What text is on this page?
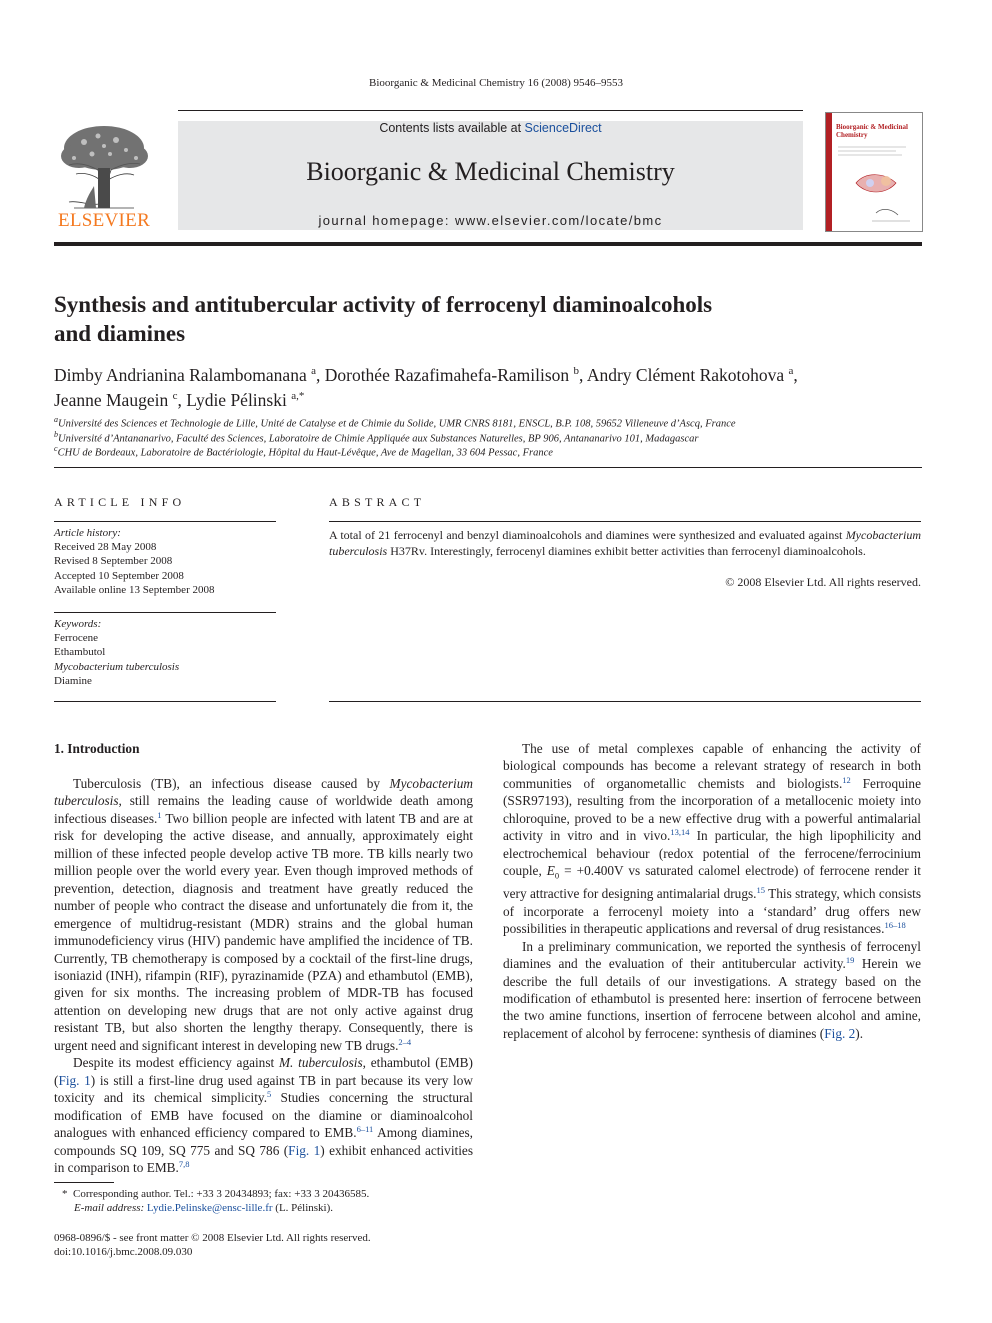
Bioorganic & Medicinal Chemistry 16 (2008) 9546–9553
ELSEVIER
Contents lists available at ScienceDirect
Bioorganic & Medicinal Chemistry
journal homepage: www.elsevier.com/locate/bmc
Bioorganic & Medicinal Chemistry
Synthesis and antitubercular activity of ferrocenyl diaminoalcohols
and diamines
Dimby Andrianina Ralambomanana $^a$, Dorothée Razafimahefa-Ramilison $^b$, Andry Clément Rakotohova $^a$,
Jeanne Maugein $^c$, Lydie Pélinski $^{a,*}$
$^a$Université des Sciences et Technologie de Lille, Unité de Catalyse et de Chimie du Solide, UMR CNRS 8181, ENSCL, B.P. 108, 59652 Villeneuve d’Ascq, France
$^b$Université d’Antananarivo, Faculté des Sciences, Laboratoire de Chimie Appliquée aux Substances Naturelles, BP 906, Antananarivo 101, Madagascar
$^c$CHU de Bordeaux, Laboratoire de Bactériologie, Hôpital du Haut-Lévêque, Ave de Magellan, 33 604 Pessac, France
ARTICLE INFO
Article history:
Received 28 May 2008
Revised 8 September 2008
Accepted 10 September 2008
Available online 13 September 2008
Keywords:
Ferrocene
Ethambutol
Mycobacterium tuberculosis
Diamine
ABSTRACT
A total of 21 ferrocenyl and benzyl diaminoalcohols and diamines were synthesized and evaluated against Mycobacterium tuberculosis H37Rv. Interestingly, ferrocenyl diamines exhibit better activities than ferrocenyl diaminoalcohols.
© 2008 Elsevier Ltd. All rights reserved.
1. Introduction

Tuberculosis (TB), an infectious disease caused by Mycobacterium tuberculosis, still remains the leading cause of worldwide death among infectious diseases.$^1$ Two billion people are infected with latent TB and are at risk for developing the active disease, and annually, approximately eight million of these infected people develop active TB more. TB kills nearly two million people over the world every year. Even though improved methods of prevention, detection, diagnosis and treatment have greatly reduced the number of people who contract the disease and unfortunately die from it, the emergence of multidrug-resistant (MDR) strains and the global human immunodeficiency virus (HIV) pandemic have amplified the incidence of TB. Currently, TB chemotherapy is composed by a cocktail of the first-line drugs, isoniazid (INH), rifampin (RIF), pyrazinamide (PZA) and ethambutol (EMB), given for six months. The increasing problem of MDR-TB has focused attention on developing new drugs that are not only active against drug resistant TB, but also shorten the lengthy therapy. Consequently, there is urgent need and significant interest in developing new TB drugs.$^{2-4}$

Despite its modest efficiency against M. tuberculosis, ethambutol (EMB) (Fig. 1) is still a first-line drug used against TB in part because its very low toxicity and its chemical simplicity.$^5$ Studies concerning the structural modification of EMB have focused on the diamine or diaminoalcohol analogues with enhanced efficiency compared to EMB.$^{6-11}$ Among diamines, compounds SQ 109, SQ 775 and SQ 786 (Fig. 1) exhibit enhanced activities in comparison to EMB.$^{7,8}$

The use of metal complexes capable of enhancing the activity of biological compounds has become a relevant strategy of research in both communities of organometallic chemists and biologists.$^{12}$ Ferroquine (SSR97193), resulting from the incorporation of a metallocenic moiety into chloroquine, proved to be a new effective drug with a powerful antimalarial activity in vitro and in vivo.$^{13,14}$ In particular, the high lipophilicity and electrochemical behaviour (redox potential of the ferrocene/ferrocinium couple, $E_0 = +0.400V$ vs saturated calomel electrode) of ferrocene render it very attractive for designing antimalarial drugs.$^{15}$ This strategy, which consists of incorporate a ferrocenyl moiety into a ‘standard’ drug offers new possibilities in therapeutic applications and reversal of drug resistances.$^{16-18}$

In a preliminary communication, we reported the synthesis of ferrocenyl diamines and the evaluation of their antitubercular activity.$^{19}$ Herein we describe the full details of our investigations. A strategy based on the modification of ethambutol is presented here: insertion of ferrocene between the two amine functions, insertion of ferrocene between alcohol and amine, replacement of alcohol by ferrocene: synthesis of diamines (Fig. 2).

* Corresponding author. Tel.: +33 3 20434893; fax: +33 3 20436585.
E-mail address: Lydie.Pelinske@ensc-lille.fr (L. Pélinski).
0968-0896/$ - see front matter © 2008 Elsevier Ltd. All rights reserved.
doi:10.1016/j.bmc.2008.09.030
